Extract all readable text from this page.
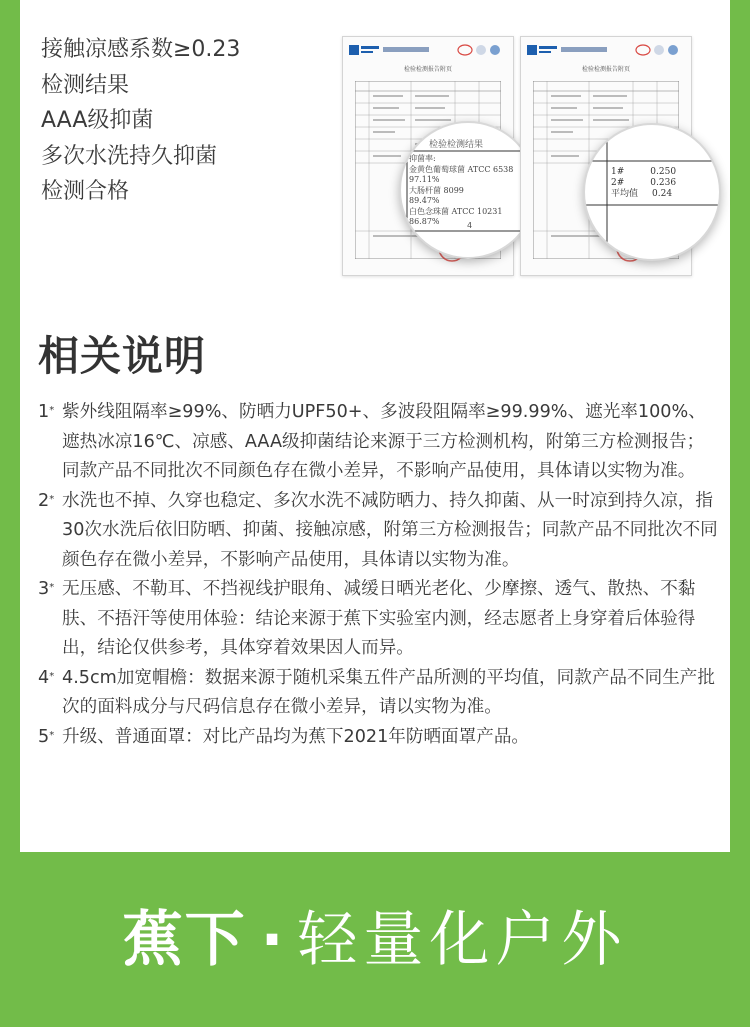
接触凉感系数≥0.23
检测结果
AAA级抑菌
多次水洗持久抑菌
检测合格
检验检测报告附页
检验检测结果
抑菌率:
金黄色葡萄球菌 ATCC 6538
97.11%
大肠杆菌 8099
89.47%
白色念珠菌 ATCC 10231
86.87%	4
检验检测报告附页
1#	0.250
2#	0.236
平均值 0.24
相关说明
1* 紫外线阻隔率≥99%、防晒力UPF50+、多波段阻隔率≥99.99%、遮光率100%、遮热冰凉16℃、凉感、AAA级抑菌结论来源于三方检测机构，附第三方检测报告；同款产品不同批次不同颜色存在微小差异，不影响产品使用，具体请以实物为准。
2* 水洗也不掉、久穿也稳定、多次水洗不减防晒力、持久抑菌、从一时凉到持久凉，指30次水洗后依旧防晒、抑菌、接触凉感，附第三方检测报告；同款产品不同批次不同颜色存在微小差异，不影响产品使用，具体请以实物为准。
3* 无压感、不勒耳、不挡视线护眼角、减缓日晒光老化、少摩擦、透气、散热、不黏肤、不捂汗等使用体验：结论来源于蕉下实验室内测，经志愿者上身穿着后体验得出，结论仅供参考，具体穿着效果因人而异。
4* 4.5cm加宽帽檐：数据来源于随机采集五件产品所测的平均值，同款产品不同生产批次的面料成分与尺码信息存在微小差异，请以实物为准。
5* 升级、普通面罩：对比产品均为蕉下2021年防晒面罩产品。
蕉下 · 轻量化户外
